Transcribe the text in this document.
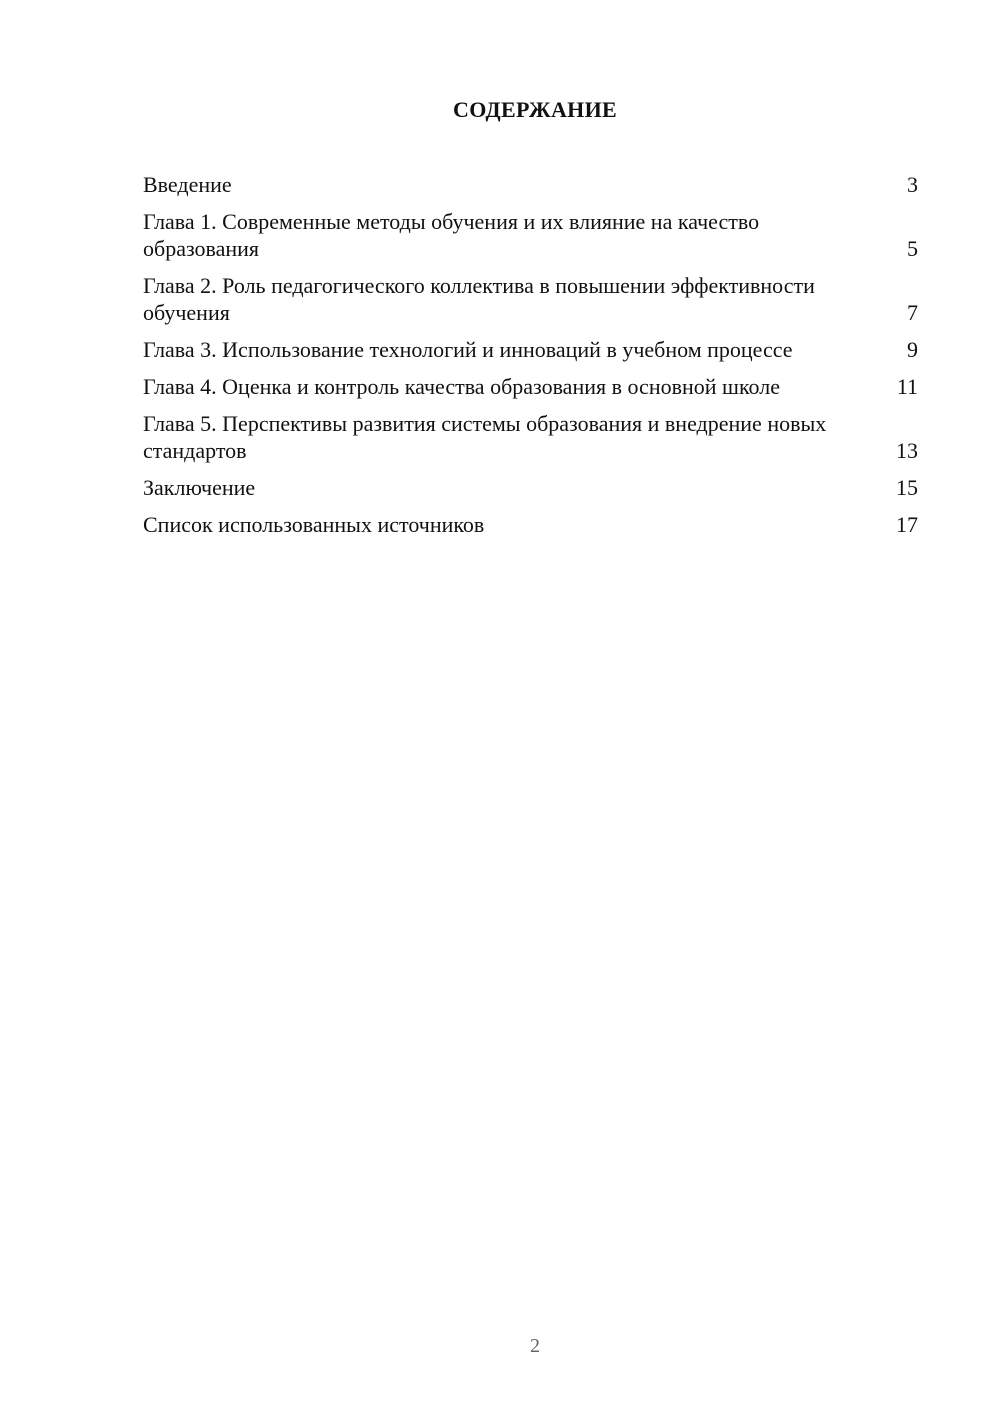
СОДЕРЖАНИЕ
Введение	3
Глава 1. Современные методы обучения и их влияние на качество образования	5
Глава 2. Роль педагогического коллектива в повышении эффективности обучения	7
Глава 3. Использование технологий и инноваций в учебном процессе	9
Глава 4. Оценка и контроль качества образования в основной школе	11
Глава 5. Перспективы развития системы образования и внедрение новых стандартов	13
Заключение	15
Список использованных источников	17
2
